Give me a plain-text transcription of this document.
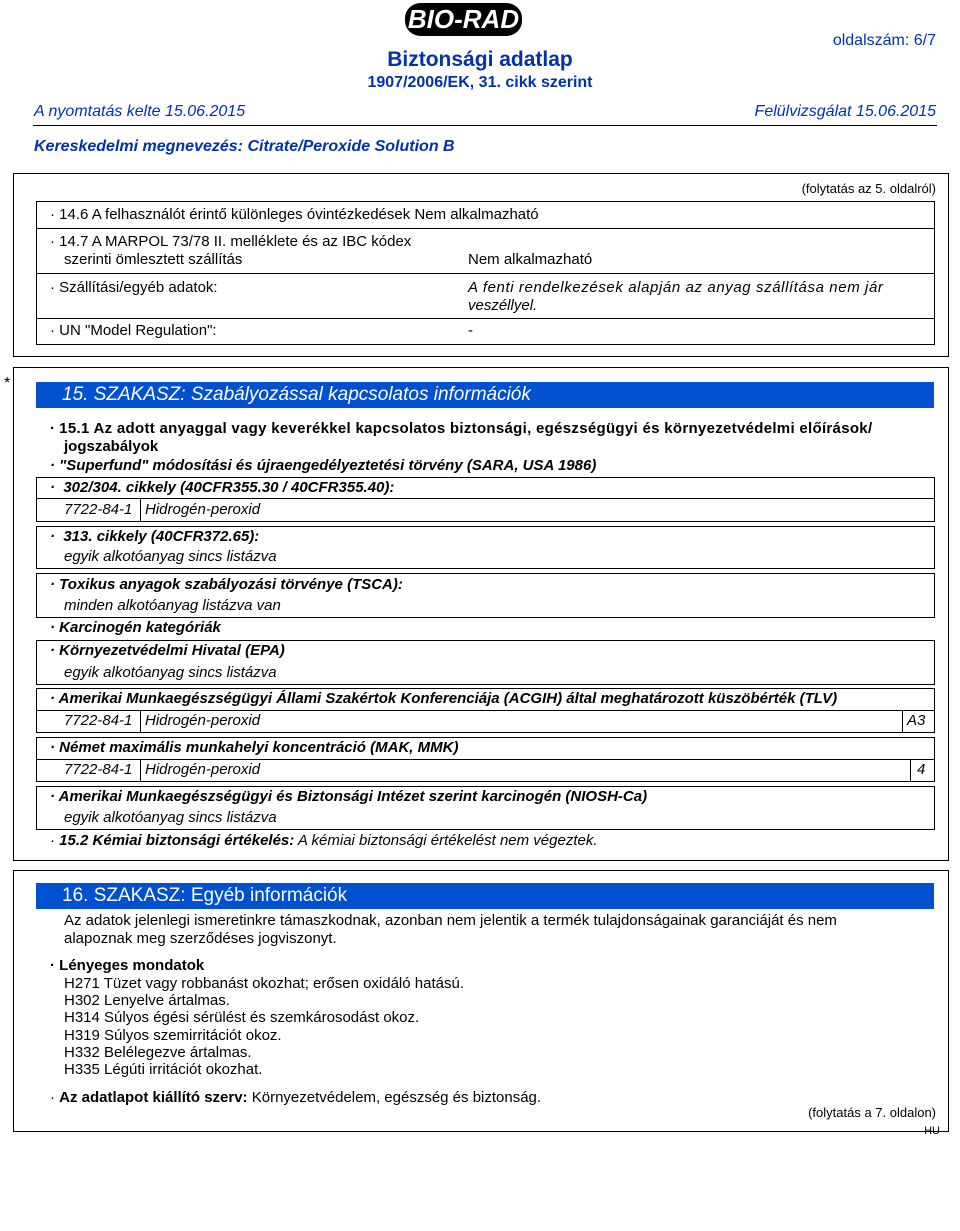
BIO-RAD
Biztonsági adatlap
1907/2006/EK, 31. cikk szerint
oldalszám: 6/7
A nyomtatás kelte 15.06.2015	Felülvizsgálat 15.06.2015
Kereskedelmi megnevezés: Citrate/Peroxide Solution B
(folytatás az 5. oldalról)
· 14.6 A felhasználót érintő különleges óvintézkedések Nem alkalmazható
· 14.7 A MARPOL 73/78 II. melléklete és az IBC kódex
szerinti ömlesztett szállítás	Nem alkalmazható
· Szállítási/egyéb adatok:	A fenti rendelkezések alapján az anyag szállítása nem jár
veszéllyel.
· UN "Model Regulation":	-
*
15. SZAKASZ: Szabályozással kapcsolatos információk
· 15.1 Az adott anyaggal vagy keverékkel kapcsolatos biztonsági, egészségügyi és környezetvédelmi előírások/
jogszabályok
· "Superfund" módosítási és újraengedélyeztetési törvény (SARA, USA 1986)
·  302/304. cikkely (40CFR355.30 / 40CFR355.40):
7722-84-1 Hidrogén-peroxid
·  313. cikkely (40CFR372.65):
egyik alkotóanyag sincs listázva
· Toxikus anyagok szabályozási törvénye (TSCA):
minden alkotóanyag listázva van
· Karcinogén kategóriák
· Környezetvédelmi Hivatal (EPA)
egyik alkotóanyag sincs listázva
· Amerikai Munkaegészségügyi Állami Szakértok Konferenciája (ACGIH) által meghatározott küszöbérték (TLV)
7722-84-1 Hidrogén-peroxid	A3
· Német maximális munkahelyi koncentráció (MAK, MMK)
7722-84-1 Hidrogén-peroxid	4
· Amerikai Munkaegészségügyi és Biztonsági Intézet szerint karcinogén (NIOSH-Ca)
egyik alkotóanyag sincs listázva
· 15.2 Kémiai biztonsági értékelés: A kémiai biztonsági értékelést nem végeztek.
16. SZAKASZ: Egyéb információk
Az adatok jelenlegi ismeretinkre támaszkodnak, azonban nem jelentik a termék tulajdonságainak garanciáját és nem
alapoznak meg szerződéses jogviszonyt.
· Lényeges mondatok
H271 Tüzet vagy robbanást okozhat; erősen oxidáló hatású.
H302 Lenyelve ártalmas.
H314 Súlyos égési sérülést és szemkárosodást okoz.
H319 Súlyos szemirritációt okoz.
H332 Belélegezve ártalmas.
H335 Légúti irritációt okozhat.
· Az adatlapot kiállító szerv: Környezetvédelem, egészség és biztonság.
(folytatás a 7. oldalon)
HU
